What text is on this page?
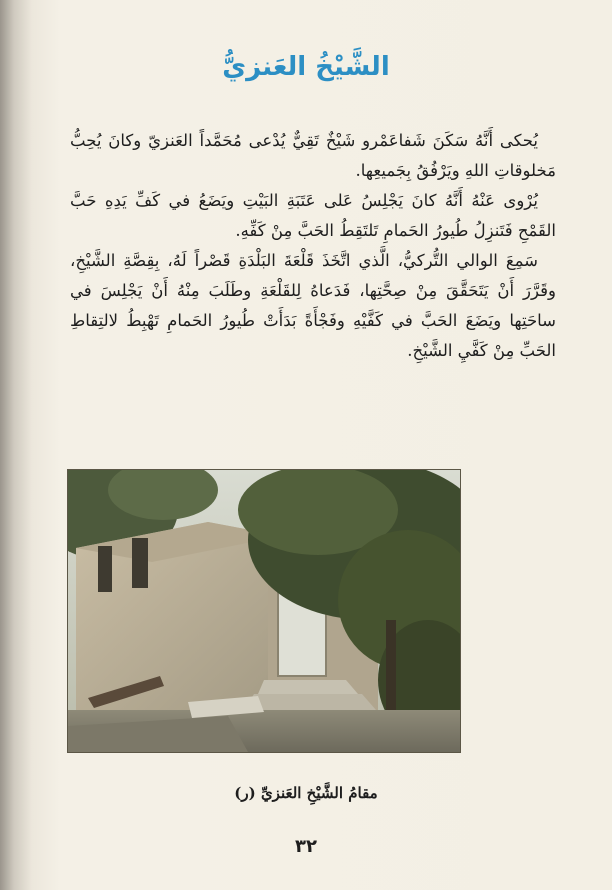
الشَّيْخُ العَنزيُّ

يُحكى أَنَّهُ سَكَنَ شَفاعَمْرو شَيْخٌ تَقِيٌّ يُدْعى مُحَمَّداً العَنزيّ وكانَ يُحِبُّ مَخلوقاتِ اللهِ ويَرْفُقُ بِجَميعِها.

يُرْوى عَنْهُ أَنَّهُ كانَ يَجْلِسُ عَلى عَتَبَةِ البَيْتِ ويَضَعُ في كَفِّ يَدِهِ حَبَّ القَمْحِ فَتَنزِلُ طُيورُ الحَمامِ تَلتَقِطُ الحَبَّ مِنْ كَفِّهِ.

سَمِعَ الوالي التُّركيُّ، الَّذي اتَّخَذَ قَلْعَةَ البَلْدَةِ قَصْراً لَهُ، بِقِصَّةِ الشَّيْخِ، وقَرَّرَ أَنْ يَتَحَقَّقَ مِنْ صِحَّتِها، فَدَعاهُ لِلقَلْعَةِ وطَلَبَ مِنْهُ أَنْ يَجْلِسَ في ساحَتِها ويَضَعَ الحَبَّ في كَفَّيْهِ وفَجْأَةً بَدَأَتْ طُيورُ الحَمامِ تَهْبِطُ لالتِقاطِ الحَبِّ مِنْ كَفَّيِ الشَّيْخِ.

مقامُ الشَّيْخِ العَنزيِّ (ر)
٣٢
